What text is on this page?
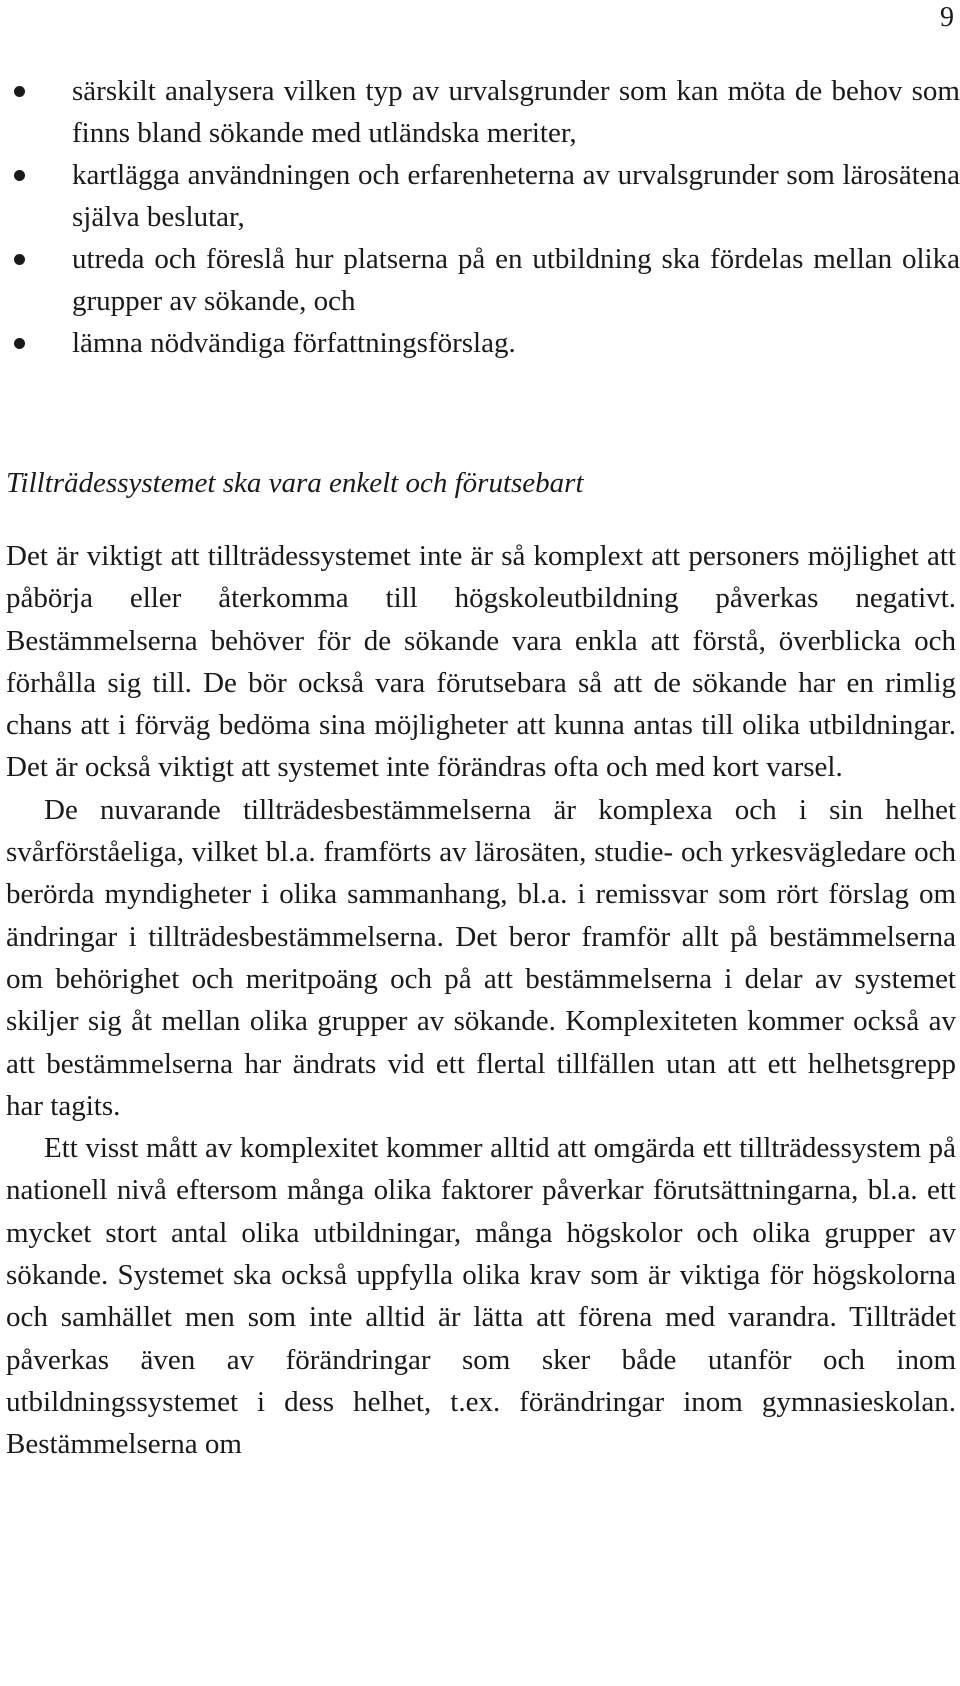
9
särskilt analysera vilken typ av urvalsgrunder som kan möta de behov som finns bland sökande med utländska meriter,
kartlägga användningen och erfarenheterna av urvalsgrunder som lärosätena själva beslutar,
utreda och föreslå hur platserna på en utbildning ska fördelas mellan olika grupper av sökande, och
lämna nödvändiga författningsförslag.
Tillträdessystemet ska vara enkelt och förutsebart

Det är viktigt att tillträdessystemet inte är så komplext att personers möjlighet att påbörja eller återkomma till högskoleutbildning påverkas negativt. Bestämmelserna behöver för de sökande vara enkla att förstå, överblicka och förhålla sig till. De bör också vara förutsebara så att de sökande har en rimlig chans att i förväg bedöma sina möjligheter att kunna antas till olika utbildningar. Det är också viktigt att systemet inte förändras ofta och med kort varsel.

De nuvarande tillträdesbestämmelserna är komplexa och i sin helhet svårförståeliga, vilket bl.a. framförts av lärosäten, studie- och yrkesvägledare och berörda myndigheter i olika sammanhang, bl.a. i remissvar som rört förslag om ändringar i tillträdesbestämmelserna. Det beror framför allt på bestämmelserna om behörighet och meritpoäng och på att bestämmelserna i delar av systemet skiljer sig åt mellan olika grupper av sökande. Komplexiteten kommer också av att bestämmelserna har ändrats vid ett flertal tillfällen utan att ett helhetsgrepp har tagits.

Ett visst mått av komplexitet kommer alltid att omgärda ett tillträdessystem på nationell nivå eftersom många olika faktorer påverkar förutsättningarna, bl.a. ett mycket stort antal olika utbildningar, många högskolor och olika grupper av sökande. Systemet ska också uppfylla olika krav som är viktiga för högskolorna och samhället men som inte alltid är lätta att förena med varandra. Tillträdet påverkas även av förändringar som sker både utanför och inom utbildningssystemet i dess helhet, t.ex. förändringar inom gymnasieskolan. Bestämmelserna om
